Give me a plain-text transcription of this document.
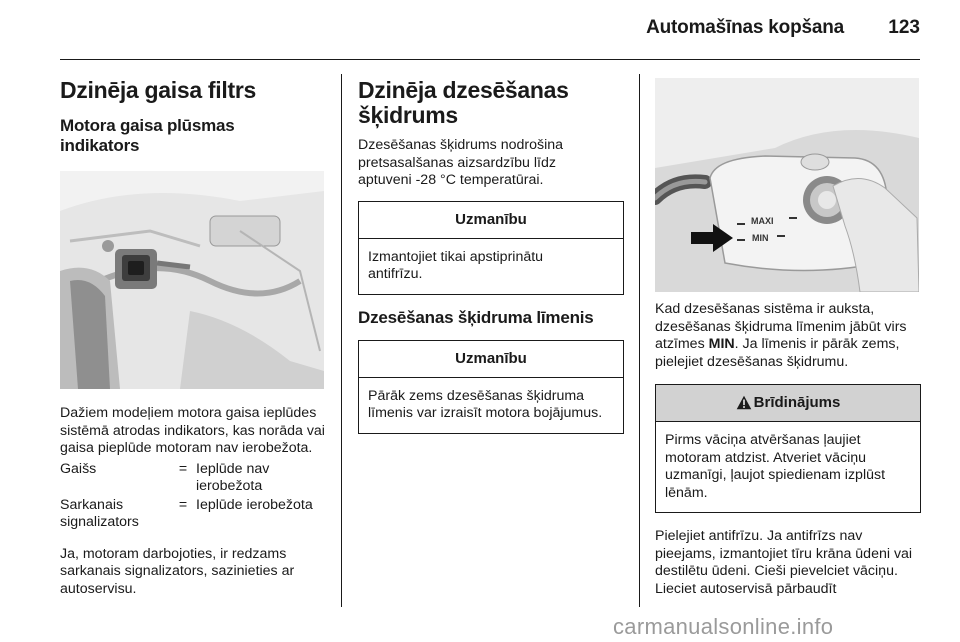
Automašīnas kopšana	123
Dzinēja gaisa filtrs
Motora gaisa plūsmas indikators

Dažiem modeļiem motora gaisa ieplūdes sistēmā atrodas indikators, kas norāda vai gaisa pieplūde motoram nav ierobežota.

Gaišs	= Ieplūde nav ierobežota
Sarkanais signalizators
= Ieplūde ierobežota

Ja, motoram darbojoties, ir redzams sarkanais signalizators, sazinieties ar autoservisu.

Dzinēja dzesēšanas šķidrums

Dzesēšanas šķidrums nodrošina pretsasalšanas aizsardzību līdz aptuveni -28 °C temperatūrai.

Uzmanību
Izmantojiet tikai apstiprinātu antifrīzu.
Dzesēšanas šķidruma līmenis
Uzmanību
Pārāk zems dzesēšanas šķidruma līmenis var izraisīt motora bojājumus.
MAXI
MIN

Kad dzesēšanas sistēma ir auksta, dzesēšanas šķidruma līmenim jābūt virs atzīmes MIN. Ja līmenis ir pārāk zems, pielejiet dzesēšanas šķidrumu.

Brīdinājums
Pirms vāciņa atvēršanas ļaujiet motoram atdzist. Atveriet vāciņu uzmanīgi, ļaujot spiedienam izplūst lēnām.

Pielejiet antifrīzu. Ja antifrīzs nav pieejams, izmantojiet tīru krāna ūdeni vai destilētu ūdeni. Cieši pievelciet vāciņu. Lieciet autoservisā pārbaudīt

carmanualsonline.info
